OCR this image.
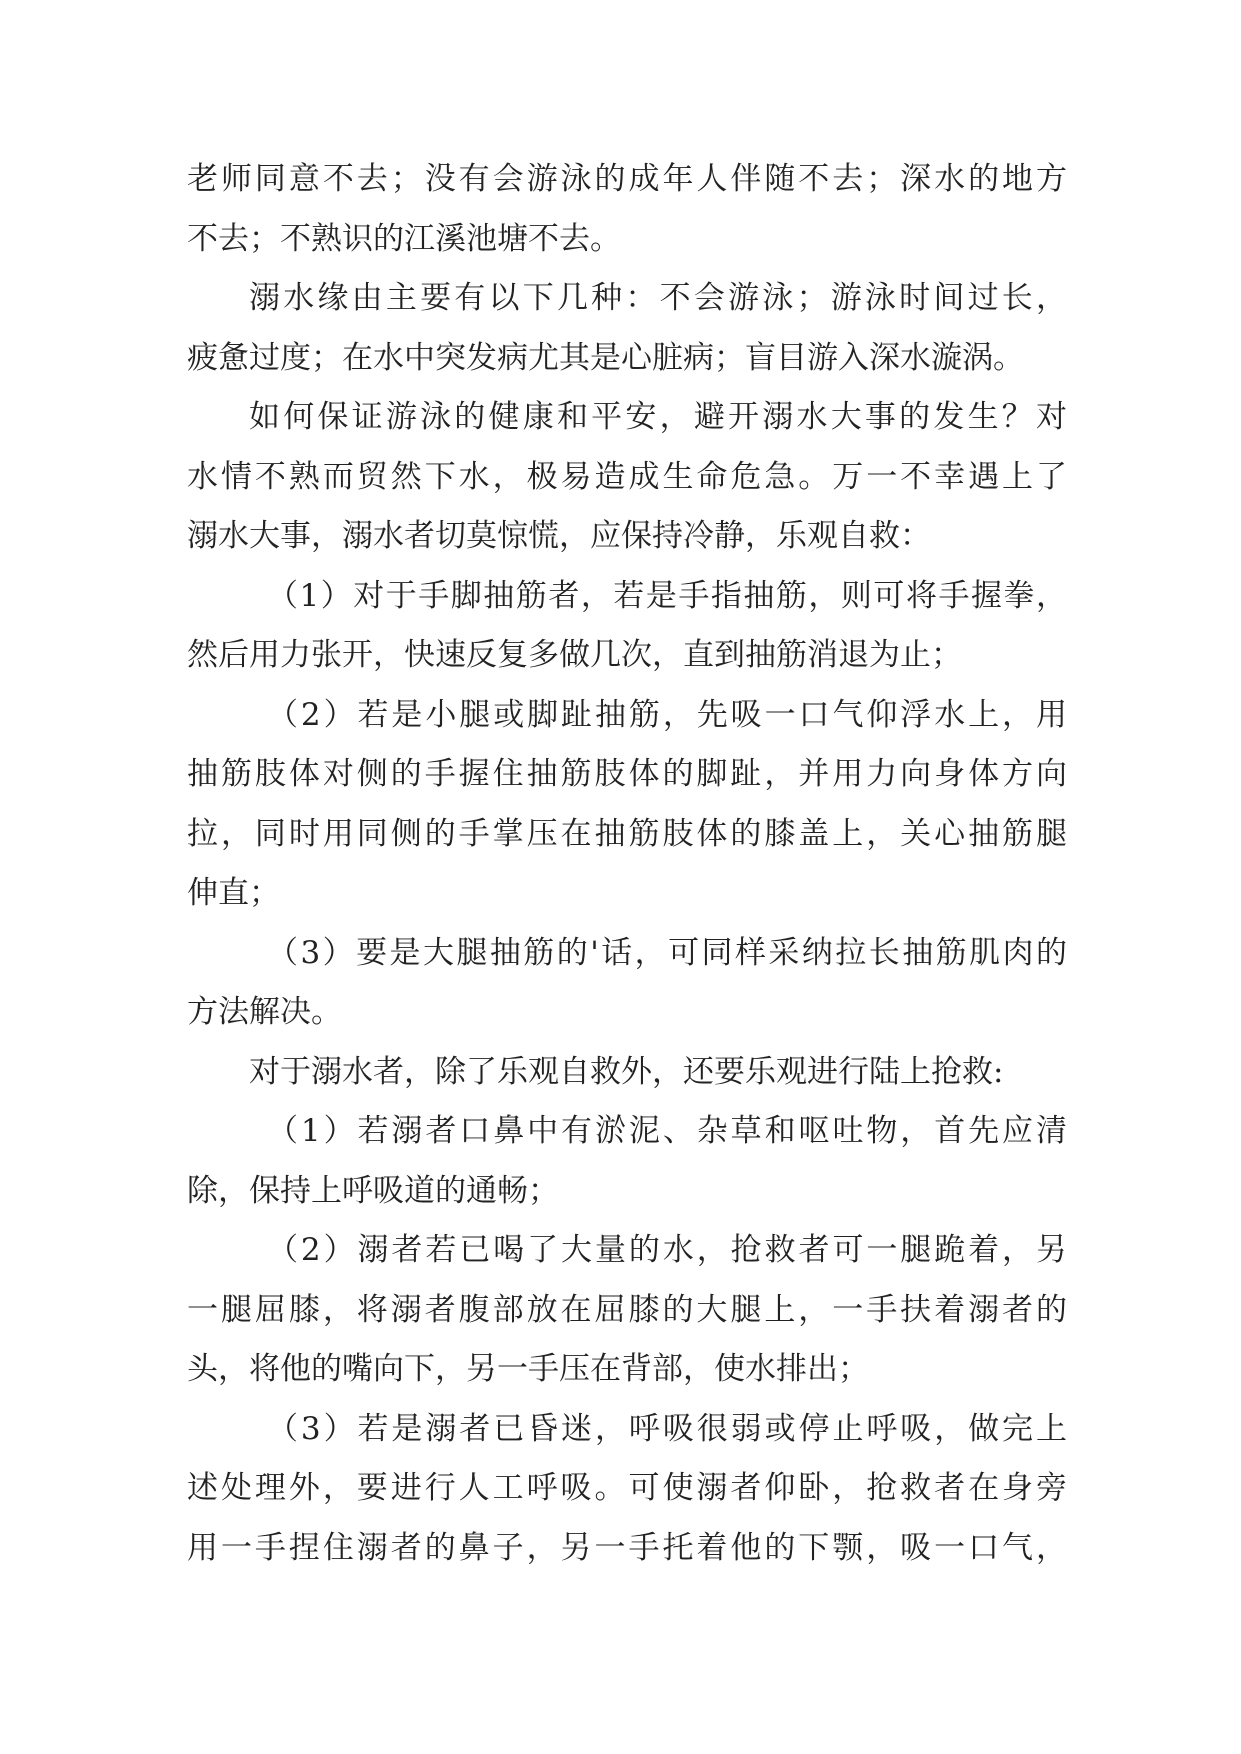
老师同意不去；没有会游泳的成年人伴随不去；深水的地方
不去；不熟识的江溪池塘不去。
溺水缘由主要有以下几种：不会游泳；游泳时间过长，
疲惫过度；在水中突发病尤其是心脏病；盲目游入深水漩涡。
如何保证游泳的健康和平安，避开溺水大事的发生？对
水情不熟而贸然下水，极易造成生命危急。万一不幸遇上了
溺水大事，溺水者切莫惊慌，应保持冷静，乐观自救：
（1）对于手脚抽筋者，若是手指抽筋，则可将手握拳，
然后用力张开，快速反复多做几次，直到抽筋消退为止；
（2）若是小腿或脚趾抽筋，先吸一口气仰浮水上，用
抽筋肢体对侧的手握住抽筋肢体的脚趾，并用力向身体方向
拉，同时用同侧的手掌压在抽筋肢体的膝盖上，关心抽筋腿
伸直；
（3）要是大腿抽筋的'话，可同样采纳拉长抽筋肌肉的
方法解决。
对于溺水者，除了乐观自救外，还要乐观进行陆上抢救:
（1）若溺者口鼻中有淤泥、杂草和呕吐物，首先应清
除，保持上呼吸道的通畅；
（2）溺者若已喝了大量的水，抢救者可一腿跪着，另
一腿屈膝，将溺者腹部放在屈膝的大腿上，一手扶着溺者的
头，将他的嘴向下，另一手压在背部，使水排出；
（3）若是溺者已昏迷，呼吸很弱或停止呼吸，做完上
述处理外，要进行人工呼吸。可使溺者仰卧，抢救者在身旁
用一手捏住溺者的鼻子，另一手托着他的下颚，吸一口气，
